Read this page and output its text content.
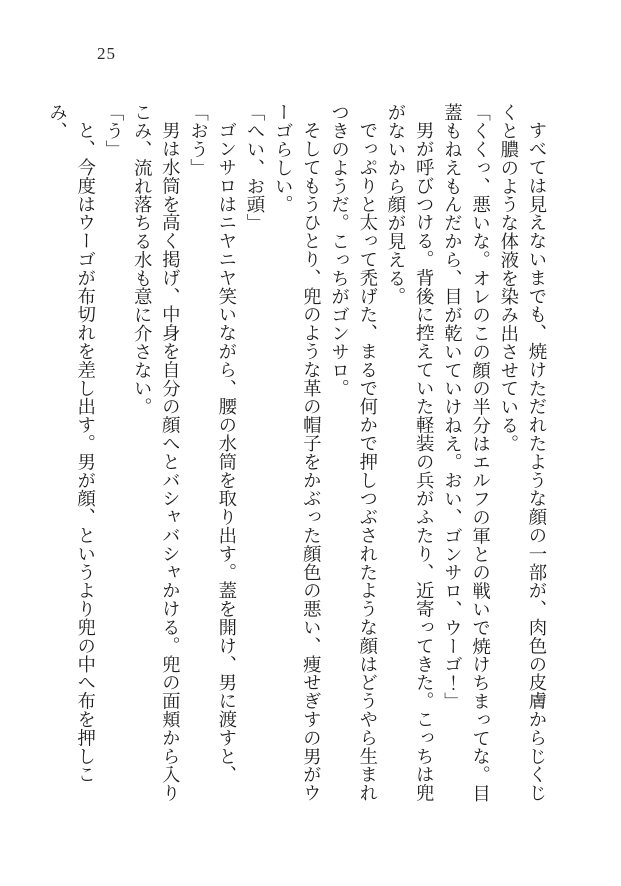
25

すべては見えないまでも、焼けただれたような顔の一部が、肉色の皮膚からじくじくと膿のような体液を染み出させている。

「くくっ、悪いな。オレのこの顔の半分はエルフの軍との戦いで焼けちまってな。目蓋もねえもんだから、目が乾いていけねえ。おい、ゴンサロ、ウーゴ！」

男が呼びつける。背後に控えていた軽装の兵がふたり、近寄ってきた。こっちは兜がないから顔が見える。

でっぷりと太って禿げた、まるで何かで押しつぶされたような顔はどうやら生まれつきのようだ。こっちがゴンサロ。

そしてもうひとり、兜のような革の帽子をかぶった顔色の悪い、痩せぎすの男がウーゴらしい。

「へい、お頭」

ゴンサロはニヤニヤ笑いながら、腰の水筒を取り出す。蓋を開け、男に渡すと、

「おう」

男は水筒を高く掲げ、中身を自分の顔へとバシャバシャかける。兜の面頬から入りこみ、流れ落ちる水も意に介さない。

「う」

と、今度はウーゴが布切れを差し出す。男が顔、というより兜の中へ布を押しこみ、
